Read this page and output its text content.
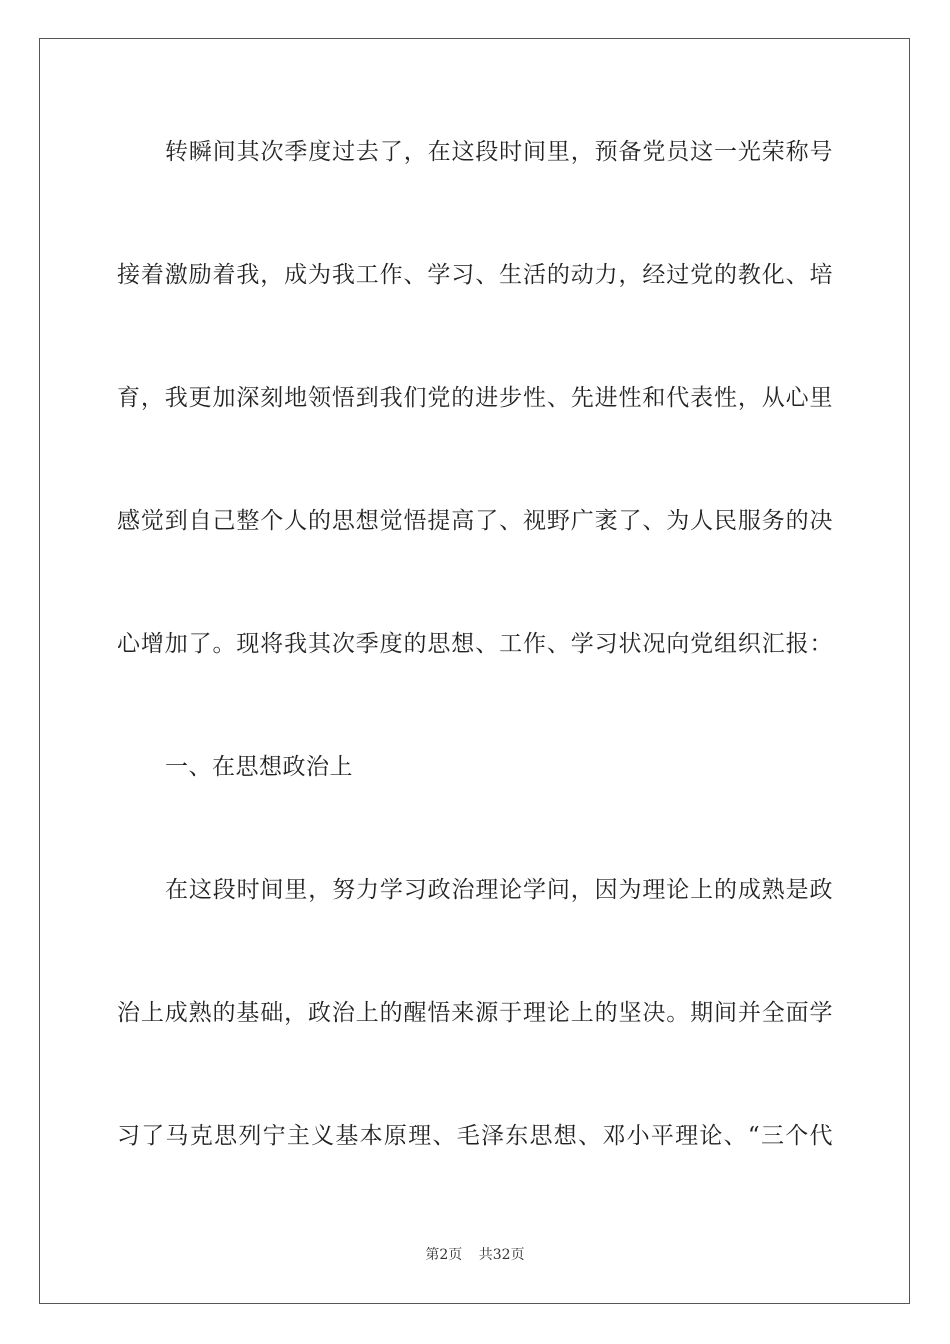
转瞬间其次季度过去了，在这段时间里，预备党员这一光荣称号
接着激励着我，成为我工作、学习、生活的动力，经过党的教化、培
育，我更加深刻地领悟到我们党的进步性、先进性和代表性，从心里
感觉到自己整个人的思想觉悟提高了、视野广袤了、为人民服务的决
心增加了。现将我其次季度的思想、工作、学习状况向党组织汇报：
一、在思想政治上
在这段时间里，努力学习政治理论学问，因为理论上的成熟是政
治上成熟的基础，政治上的醒悟来源于理论上的坚决。期间并全面学
习了马克思列宁主义基本原理、毛泽东思想、邓小平理论、“三个代
第2页 共32页
